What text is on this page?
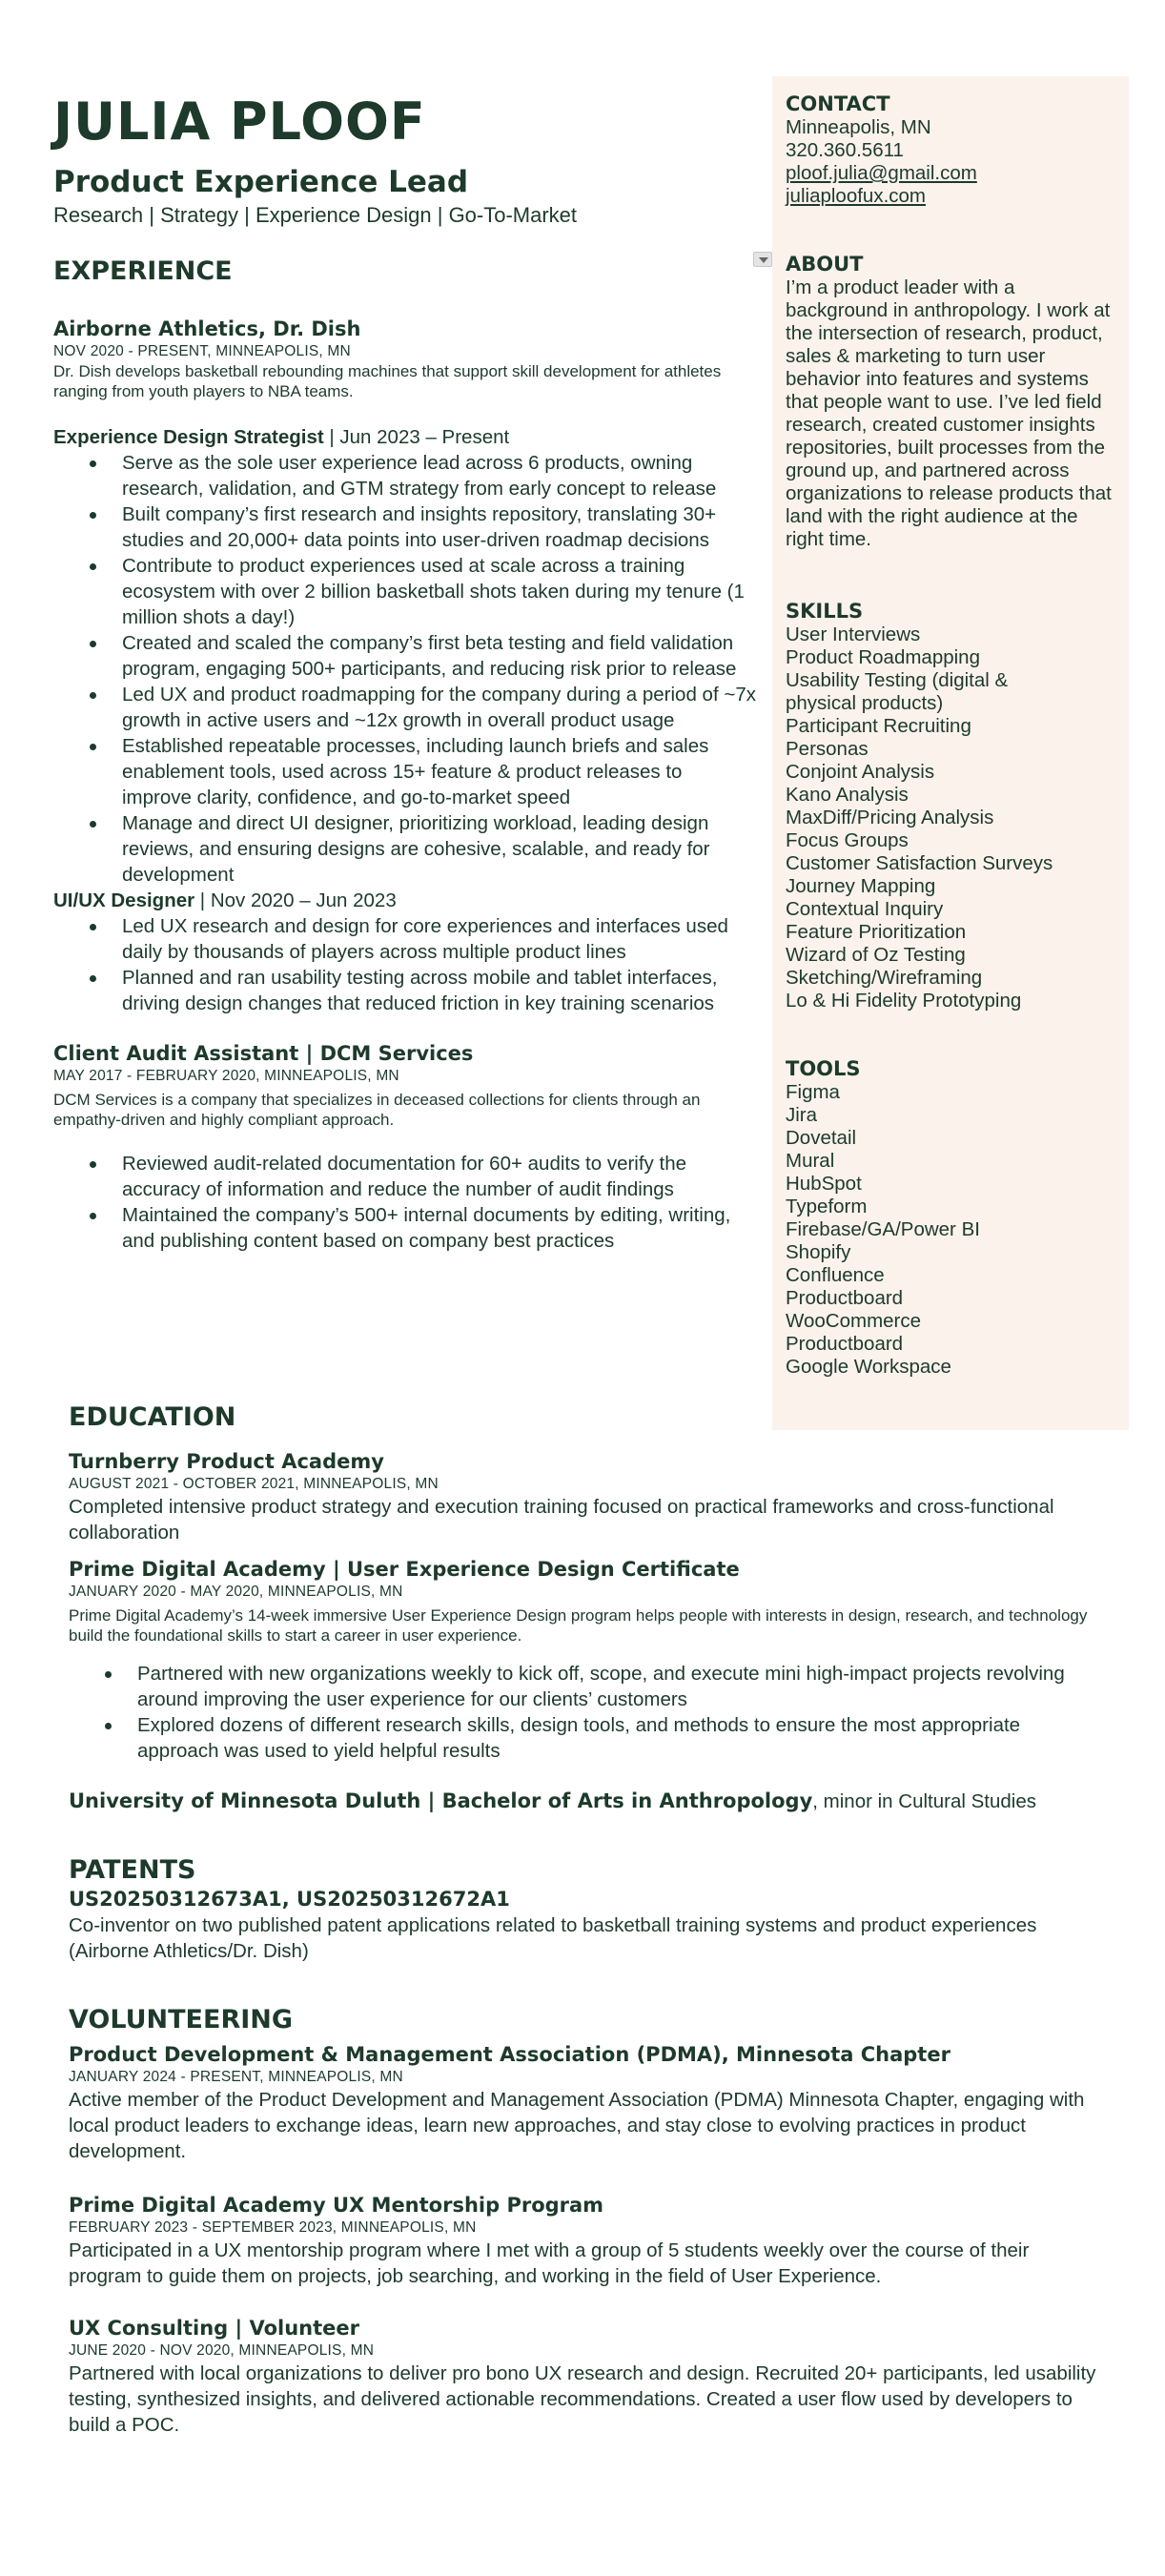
JULIA PLOOF
Product Experience Lead
Research | Strategy | Experience Design | Go-To-Market
EXPERIENCE
Airborne Athletics, Dr. Dish
NOV 2020 - PRESENT, MINNEAPOLIS, MN
Dr. Dish develops basketball rebounding machines that support skill development for athletes ranging from youth players to NBA teams.
Experience Design Strategist | Jun 2023 – Present
Serve as the sole user experience lead across 6 products, owning research, validation, and GTM strategy from early concept to release
Built company’s first research and insights repository, translating 30+ studies and 20,000+ data points into user-driven roadmap decisions
Contribute to product experiences used at scale across a training ecosystem with over 2 billion basketball shots taken during my tenure (1 million shots a day!)
Created and scaled the company’s first beta testing and field validation program, engaging 500+ participants, and reducing risk prior to release
Led UX and product roadmapping for the company during a period of ~7x growth in active users and ~12x growth in overall product usage
Established repeatable processes, including launch briefs and sales enablement tools, used across 15+ feature & product releases to improve clarity, confidence, and go-to-market speed
Manage and direct UI designer, prioritizing workload, leading design reviews, and ensuring designs are cohesive, scalable, and ready for development
UI/UX Designer | Nov 2020 – Jun 2023
Led UX research and design for core experiences and interfaces used daily by thousands of players across multiple product lines
Planned and ran usability testing across mobile and tablet interfaces, driving design changes that reduced friction in key training scenarios
Client Audit Assistant | DCM Services
MAY 2017 - FEBRUARY 2020, MINNEAPOLIS, MN
DCM Services is a company that specializes in deceased collections for clients through an empathy-driven and highly compliant approach.
Reviewed audit-related documentation for 60+ audits to verify the accuracy of information and reduce the number of audit findings
Maintained the company’s 500+ internal documents by editing, writing, and publishing content based on company best practices
CONTACT
Minneapolis, MN
320.360.5611
ploof.julia@gmail.com
juliaploofux.com
ABOUT
I’m a product leader with a background in anthropology. I work at the intersection of research, product, sales & marketing to turn user behavior into features and systems that people want to use. I’ve led field research, created customer insights repositories, built processes from the ground up, and partnered across organizations to release products that land with the right audience at the right time.
SKILLS
User Interviews
Product Roadmapping
Usability Testing (digital & physical products)
Participant Recruiting
Personas
Conjoint Analysis
Kano Analysis
MaxDiff/Pricing Analysis
Focus Groups
Customer Satisfaction Surveys
Journey Mapping
Contextual Inquiry
Feature Prioritization
Wizard of Oz Testing
Sketching/Wireframing
Lo & Hi Fidelity Prototyping
TOOLS
Figma
Jira
Dovetail
Mural
HubSpot
Typeform
Firebase/GA/Power BI
Shopify
Confluence
Productboard
WooCommerce
Productboard
Google Workspace
EDUCATION
Turnberry Product Academy
AUGUST 2021 - OCTOBER 2021, MINNEAPOLIS, MN
Completed intensive product strategy and execution training focused on practical frameworks and cross-functional collaboration
Prime Digital Academy | User Experience Design Certificate
JANUARY 2020 - MAY 2020, MINNEAPOLIS, MN
Prime Digital Academy’s 14-week immersive User Experience Design program helps people with interests in design, research, and technology build the foundational skills to start a career in user experience.
Partnered with new organizations weekly to kick off, scope, and execute mini high-impact projects revolving around improving the user experience for our clients’ customers
Explored dozens of different research skills, design tools, and methods to ensure the most appropriate approach was used to yield helpful results
University of Minnesota Duluth | Bachelor of Arts in Anthropology, minor in Cultural Studies
PATENTS
US20250312673A1, US20250312672A1
Co-inventor on two published patent applications related to basketball training systems and product experiences (Airborne Athletics/Dr. Dish)
VOLUNTEERING
Product Development & Management Association (PDMA), Minnesota Chapter
JANUARY 2024 - PRESENT, MINNEAPOLIS, MN
Active member of the Product Development and Management Association (PDMA) Minnesota Chapter, engaging with local product leaders to exchange ideas, learn new approaches, and stay close to evolving practices in product development.
Prime Digital Academy UX Mentorship Program
FEBRUARY 2023 - SEPTEMBER 2023, MINNEAPOLIS, MN
Participated in a UX mentorship program where I met with a group of 5 students weekly over the course of their program to guide them on projects, job searching, and working in the field of User Experience.
UX Consulting | Volunteer
JUNE 2020 - NOV 2020, MINNEAPOLIS, MN
Partnered with local organizations to deliver pro bono UX research and design. Recruited 20+ participants, led usability testing, synthesized insights, and delivered actionable recommendations. Created a user flow used by developers to build a POC.
